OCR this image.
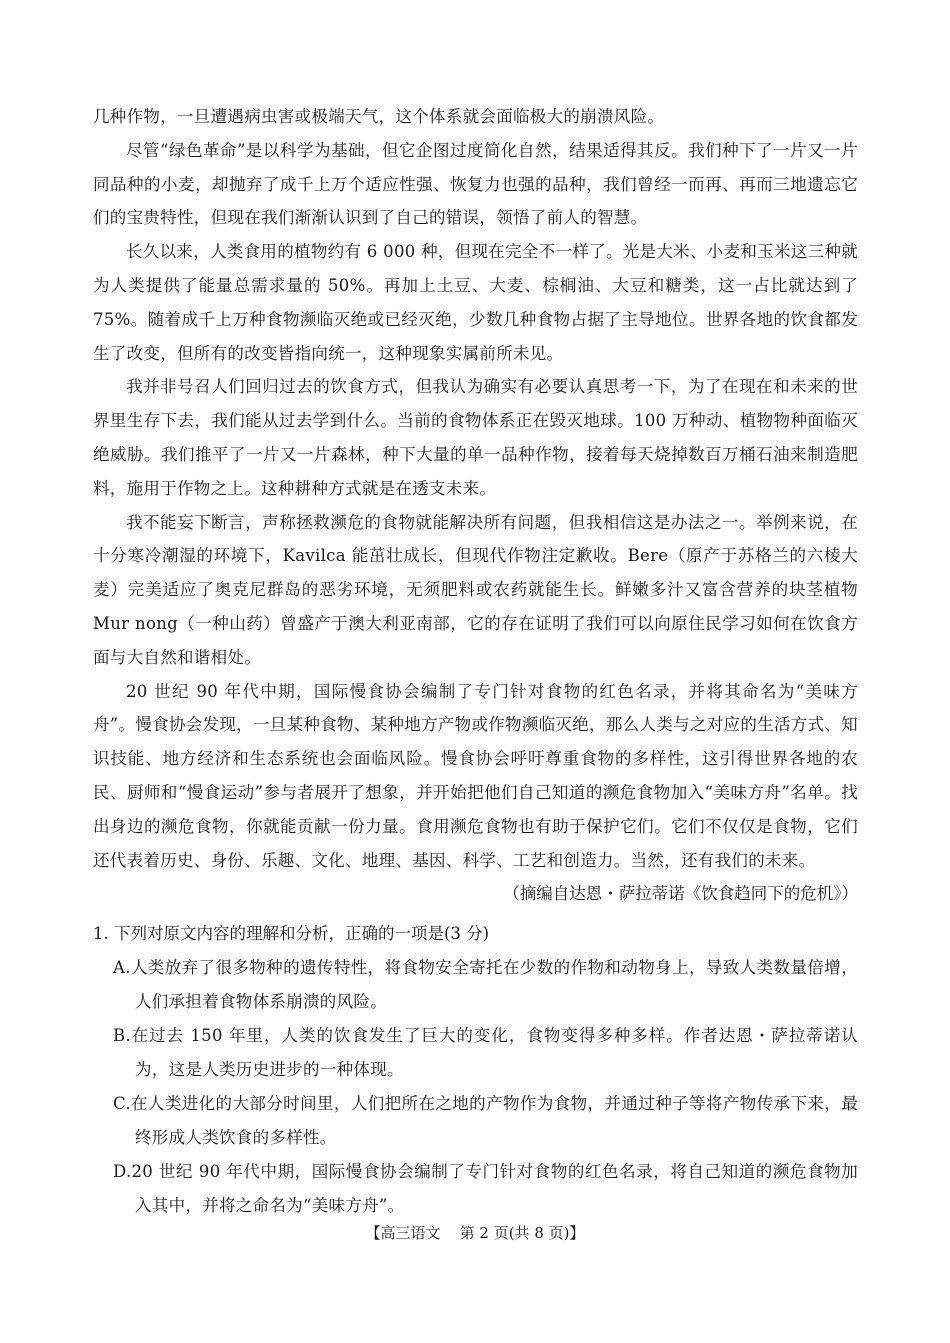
几种作物，一旦遭遇病虫害或极端天气，这个体系就会面临极大的崩溃风险。

尽管“绿色革命”是以科学为基础，但它企图过度简化自然，结果适得其反。我们种下了一片又一片同品种的小麦，却抛弃了成千上万个适应性强、恢复力也强的品种，我们曾经一而再、再而三地遗忘它们的宝贵特性，但现在我们渐渐认识到了自己的错误，领悟了前人的智慧。

长久以来，人类食用的植物约有 6 000 种，但现在完全不一样了。光是大米、小麦和玉米这三种就为人类提供了能量总需求量的 50%。再加上土豆、大麦、棕榈油、大豆和糖类，这一占比就达到了 75%。随着成千上万种食物濒临灭绝或已经灭绝，少数几种食物占据了主导地位。世界各地的饮食都发生了改变，但所有的改变皆指向统一，这种现象实属前所未见。

我并非号召人们回归过去的饮食方式，但我认为确实有必要认真思考一下，为了在现在和未来的世界里生存下去，我们能从过去学到什么。当前的食物体系正在毁灭地球。100 万种动、植物物种面临灭绝威胁。我们推平了一片又一片森林，种下大量的单一品种作物，接着每天烧掉数百万桶石油来制造肥料，施用于作物之上。这种耕种方式就是在透支未来。

我不能妄下断言，声称拯救濒危的食物就能解决所有问题，但我相信这是办法之一。举例来说，在十分寒冷潮湿的环境下，Kavilca 能茁壮成长，但现代作物注定歉收。Bere（原产于苏格兰的六棱大麦）完美适应了奥克尼群岛的恶劣环境，无须肥料或农药就能生长。鲜嫩多汁又富含营养的块茎植物 Mur nong（一种山药）曾盛产于澳大利亚南部，它的存在证明了我们可以向原住民学习如何在饮食方面与大自然和谐相处。

20 世纪 90 年代中期，国际慢食协会编制了专门针对食物的红色名录，并将其命名为“美味方舟”。慢食协会发现，一旦某种食物、某种地方产物或作物濒临灭绝，那么人类与之对应的生活方式、知识技能、地方经济和生态系统也会面临风险。慢食协会呼吁尊重食物的多样性，这引得世界各地的农民、厨师和“慢食运动”参与者展开了想象，并开始把他们自己知道的濒危食物加入“美味方舟”名单。找出身边的濒危食物，你就能贡献一份力量。食用濒危食物也有助于保护它们。它们不仅仅是食物，它们还代表着历史、身份、乐趣、文化、地理、基因、科学、工艺和创造力。当然，还有我们的未来。

（摘编自达恩・萨拉蒂诺《饮食趋同下的危机》）

1. 下列对原文内容的理解和分析，正确的一项是(3 分)

A.人类放弃了很多物种的遗传特性，将食物安全寄托在少数的作物和动物身上，导致人类数量倍增，人们承担着食物体系崩溃的风险。

B.在过去 150 年里，人类的饮食发生了巨大的变化，食物变得多种多样。作者达恩・萨拉蒂诺认为，这是人类历史进步的一种体现。

C.在人类进化的大部分时间里，人们把所在之地的产物作为食物，并通过种子等将产物传承下来，最终形成人类饮食的多样性。

D.20 世纪 90 年代中期，国际慢食协会编制了专门针对食物的红色名录，将自己知道的濒危食物加入其中，并将之命名为“美味方舟”。

【高三语文 第 2 页(共 8 页)】
